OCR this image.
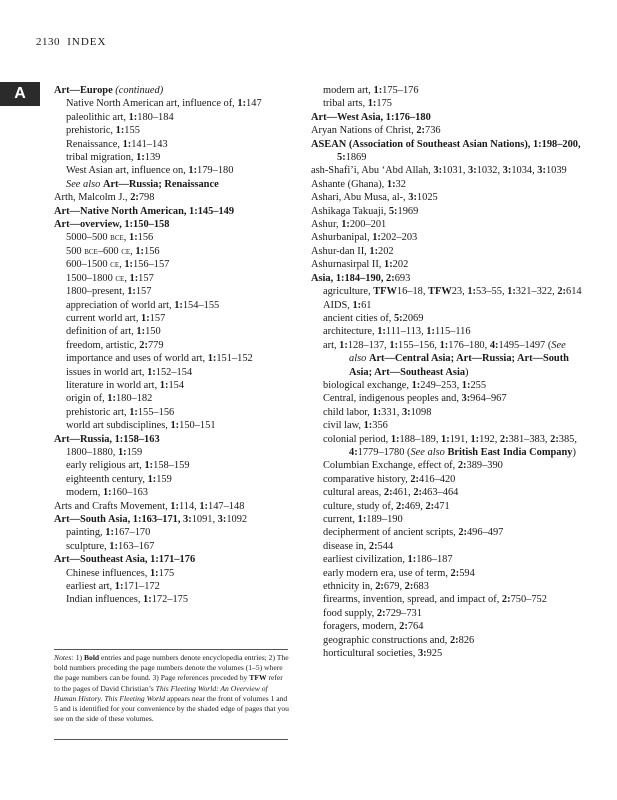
2130 INDEX
A	Art—Europe (continued)
Native North American art, influence of, 1:147
paleolithic art, 1:180–184
prehistoric, 1:155
Renaissance, 1:141–143
tribal migration, 1:139
West Asian art, influence on, 1:179–180
See also Art—Russia; Renaissance
Arth, Malcolm J., 2:798
Art—Native North American, 1:145–149
Art—overview, 1:150–158
5000–500 bce, 1:156
500 bce–600 ce, 1:156
600–1500 ce, 1:156–157
1500–1800 ce, 1:157
1800–present, 1:157
appreciation of world art, 1:154–155
current world art, 1:157
definition of art, 1:150
freedom, artistic, 2:779
importance and uses of world art, 1:151–152
issues in world art, 1:152–154
literature in world art, 1:154
origin of, 1:180–182
prehistoric art, 1:155–156
world art subdisciplines, 1:150–151
Art—Russia, 1:158–163
1800–1880, 1:159
early religious art, 1:158–159
eighteenth century, 1:159
modern, 1:160–163
Arts and Crafts Movement, 1:114, 1:147–148
Art—South Asia, 1:163–171, 3:1091, 3:1092
painting, 1:167–170
sculpture, 1:163–167
Art—Southeast Asia, 1:171–176
Chinese influences, 1:175
earliest art, 1:171–172
Indian influences, 1:172–175
Notes: 1) Bold entries and page numbers denote encyclopedia entries; 2) The bold numbers preceding the page numbers denote the volumes (1–5) where the page numbers can be found. 3) Page references preceded by TFW refer to the pages of David Christian’s This Fleeting World: An Overview of Human History. This Fleeting World appears near the front of volumes 1 and 5 and is identified for your convenience by the shaded edge of pages that you see on the side of these volumes.
modern art, 1:175–176
tribal arts, 1:175
Art—West Asia, 1:176–180
Aryan Nations of Christ, 2:736
ASEAN (Association of Southeast Asian Nations), 1:198–200, 5:1869
ash-Shafi’i, Abu ‘Abd Allah, 3:1031, 3:1032, 3:1034, 3:1039
Ashante (Ghana), 1:32
Ashari, Abu Musa, al-, 3:1025
Ashikaga Takuaji, 5:1969
Ashur, 1:200–201
Ashurbanipal, 1:202–203
Ashur-dan II, 1:202
Ashurnasirpal II, 1:202
Asia, 1:184–190, 2:693
agriculture, TFW16–18, TFW23, 1:53–55, 1:321–322, 2:614
AIDS, 1:61
ancient cities of, 5:2069
architecture, 1:111–113, 1:115–116
art, 1:128–137, 1:155–156, 1:176–180, 4:1495–1497 (See also Art—Central Asia; Art—Russia; Art—South Asia; Art—Southeast Asia)
biological exchange, 1:249–253, 1:255
Central, indigenous peoples and, 3:964–967
child labor, 1:331, 3:1098
civil law, 1:356
colonial period, 1:188–189, 1:191, 1:192, 2:381–383, 2:385, 4:1779–1780 (See also British East India Company)
Columbian Exchange, effect of, 2:389–390
comparative history, 2:416–420
cultural areas, 2:461, 2:463–464
culture, study of, 2:469, 2:471
current, 1:189–190
decipherment of ancient scripts, 2:496–497
disease in, 2:544
earliest civilization, 1:186–187
early modern era, use of term, 2:594
ethnicity in, 2:679, 2:683
firearms, invention, spread, and impact of, 2:750–752
food supply, 2:729–731
foragers, modern, 2:764
geographic constructions and, 2:826
horticultural societies, 3:925
